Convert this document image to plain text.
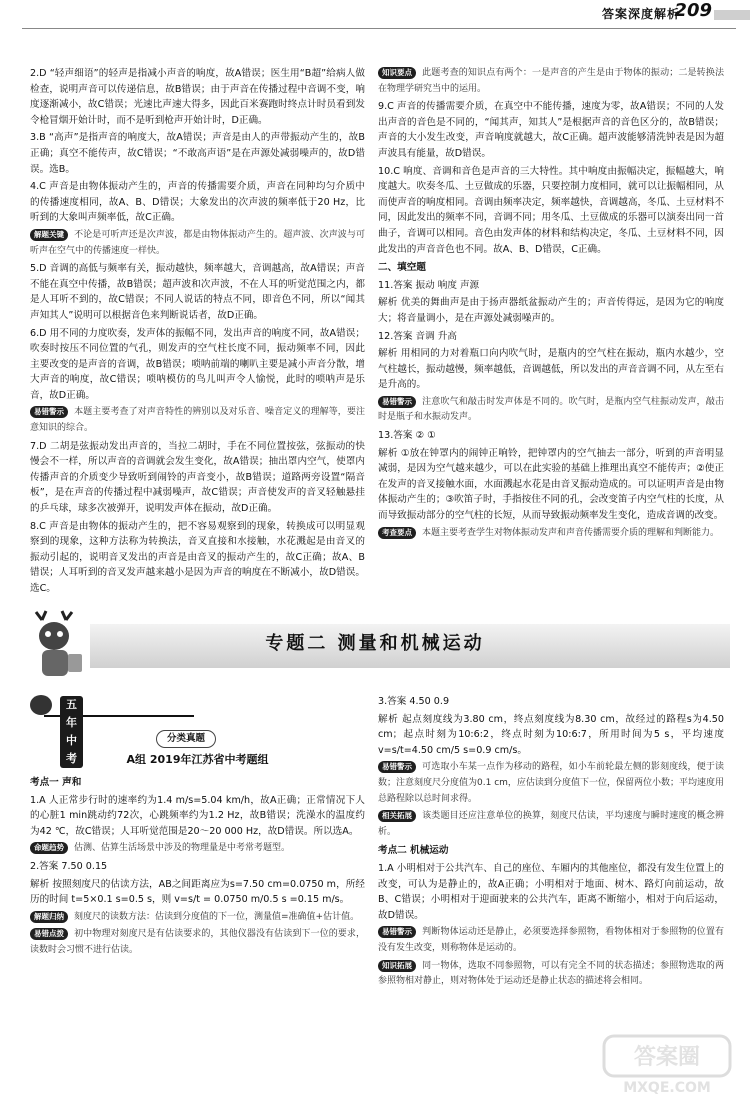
答案深度解析
209
2.D “轻声细语”的轻声是指减小声音的响度，故A错误；医生用“B超”给病人做检查，说明声音可以传递信息，故B错误；由于声音在传播过程中音调不变，响度逐渐减小，故C错误；光速比声速大得多，因此百米赛跑时终点计时员看到发令枪冒烟开始计时，而不是听到枪声开始计时，D正确。
3.B “高声”是指声音的响度大，故A错误；声音是由人的声带振动产生的，故B正确；真空不能传声，故C错误；“不敢高声语”是在声源处减弱噪声的，故D错误。选B。
4.C 声音是由物体振动产生的，声音的传播需要介质，声音在同种均匀介质中的传播速度相同，故A、B、D错误；大象发出的次声波的频率低于20 Hz，比听到的大象叫声频率低，故C正确。
解题关键 不论是可听声还是次声波，都是由物体振动产生的。超声波、次声波与可听声在空气中的传播速度一样快。
5.D 音调的高低与频率有关，振动越快，频率越大，音调越高，故A错误；声音不能在真空中传播，故B错误；超声波和次声波，不在人耳的听觉范围之内，都是人耳听不到的，故C错误；不同人说话的特点不同，即音色不同，所以“闻其声知其人”说明可以根据音色来判断说话者，故D正确。
6.D 用不同的力度吹奏，发声体的振幅不同，发出声音的响度不同，故A错误；吹奏时按压不同位置的气孔，则发声的空气柱长度不同，振动频率不同，因此主要改变的是声音的音调，故B错误；唢呐前端的喇叭主要是减小声音分散，增大声音的响度，故C错误；唢呐模仿的鸟儿叫声令人愉悦，此时的唢呐声是乐音，故D正确。
易错警示 本题主要考查了对声音特性的辨别以及对乐音、噪音定义的理解等，要注意知识的综合。
7.D 二胡是弦振动发出声音的，当拉二胡时，手在不同位置按弦，弦振动的快慢会不一样，所以声音的音调就会发生变化，故A错误；抽出罩内空气，使罩内传播声音的介质变少导致听到闹铃的声音变小，故B错误；道路两旁设置“隔音板”，是在声音的传播过程中减弱噪声，故C错误；声音使发声的音叉轻触悬挂的乒乓球，球多次被弹开，说明发声体在振动，故D正确。
8.C 声音是由物体的振动产生的，把不容易观察到的现象，转换成可以明显观察到的现象，这种方法称为转换法，音叉直接和水接触，水花溅起是由音叉的振动引起的，说明音叉发出的声音是由音叉的振动产生的，故C正确；故A、B错误；人耳听到的音叉发声越来越小是因为声音的响度在不断减小，故D错误。选C。
知识要点 此题考查的知识点有两个：一是声音的产生是由于物体的振动；二是转换法在物理学研究当中的运用。
9.C 声音的传播需要介质，在真空中不能传播，速度为零，故A错误；不同的人发出声音的音色是不同的，“闻其声，知其人”是根据声音的音色区分的，故B错误；声音的大小发生改变，声音响度就越大，故C正确。超声波能够清洗钟表是因为超声波具有能量，故D错误。
10.C 响度、音调和音色是声音的三大特性。其中响度由振幅决定，振幅越大，响度越大。吹奏冬瓜、土豆做成的乐器，只要控制力度相同，就可以让振幅相同，从而使声音的响度相同。音调由频率决定，频率越快，音调越高，冬瓜、土豆材料不同，因此发出的频率不同，音调不同；用冬瓜、土豆做成的乐器可以演奏出同一首曲子，音调可以相同。音色由发声体的材料和结构决定，冬瓜、土豆材料不同，因此发出的声音音色也不同。故A、B、D错误，C正确。
二、填空题
11.答案 振动 响度 声源
解析 优美的舞曲声是由于扬声器纸盆振动产生的；声音传得远，是因为它的响度大；将音量调小，是在声源处减弱噪声的。
12.答案 音调 升高
解析 用相同的力对着瓶口向内吹气时，是瓶内的空气柱在振动，瓶内水越少，空气柱越长，振动越慢，频率越低，音调越低，所以发出的声音音调不同，从左至右是升高的。
易错警示 注意吹气和敲击时发声体是不同的。吹气时，是瓶内空气柱振动发声，敲击时是瓶子和水振动发声。
13.答案 ② ①
解析 ①放在钟罩内的闹钟正响铃，把钟罩内的空气抽去一部分，听到的声音明显减弱，是因为空气越来越少，可以在此实验的基础上推理出真空不能传声；②使正在发声的音叉接触水面，水面溅起水花是由音叉振动造成的。可以证明声音是由物体振动产生的；③吹笛子时，手指按住不同的孔，会改变笛子内空气柱的长度，从而导致振动部分的空气柱的长短，从而导致振动频率发生变化，造成音调的改变。
考查要点 本题主要考查学生对物体振动发声和声音传播需要介质的理解和判断能力。
专题二 测量和机械运动
五年中考
分类真题
A组 2019年江苏省中考题组
考点一 声和
1.A 人正常步行时的速率约为1.4 m/s=5.04 km/h，故A正确；正常情况下人的心脏1 min跳动约72次，心跳频率约为1.2 Hz，故B错误；洗澡水的温度约为42 ℃，故C错误；人耳听觉范围是20～20 000 Hz，故D错误。所以选A。
命题趋势 估测、估算生活场景中涉及的物理量是中考常考题型。
2.答案 7.50 0.15
解析 按照刻度尺的估读方法，AB之间距离应为s=7.50 cm=0.0750 m，所经历的时间 t=5×0.1 s=0.5 s，则 v=s/t = 0.0750 m/0.5 s =0.15 m/s。
解题归纳 刻度尺的读数方法：估读到分度值的下一位，测量值=准确值+估计值。
易错点拨 初中物理对刻度尺是有估读要求的，其他仪器没有估读到下一位的要求，读数时会习惯不进行估读。
3.答案 4.50 0.9
解析 起点刻度线为3.80 cm，终点刻度线为8.30 cm，故经过的路程s为4.50 cm；起点时刻为10:6:2，终点时刻为10:6:7，所用时间为5 s，平均速度 v=s/t=4.50 cm/5 s=0.9 cm/s。
易错警示 可选取小车某一点作为移动的路程，如小车前轮最左侧的影刻度线，便于读数；注意刻度尺分度值为0.1 cm，应估读到分度值下一位，保留两位小数；平均速度用总路程除以总时间求得。
相关拓展 该类题目还应注意单位的换算，刻度尺估读，平均速度与瞬时速度的概念辨析。
考点二 机械运动
1.A 小明相对于公共汽车、自己的座位、车厢内的其他座位，都没有发生位置上的改变，可认为是静止的，故A正确；小明相对于地面、树木、路灯向前运动，故B、C错误；小明相对于迎面驶来的公共汽车，距离不断缩小，相对于向后运动，故D错误。
易错警示 判断物体运动还是静止，必须要选择参照物，看物体相对于参照物的位置有没有发生改变，则称物体是运动的。
知识拓展 同一物体，选取不同参照物，可以有完全不同的状态描述；参照物选取的两参照物相对静止，则对物体处于运动还是静止状态的描述将会相同。
答案圈
MXQE.COM
